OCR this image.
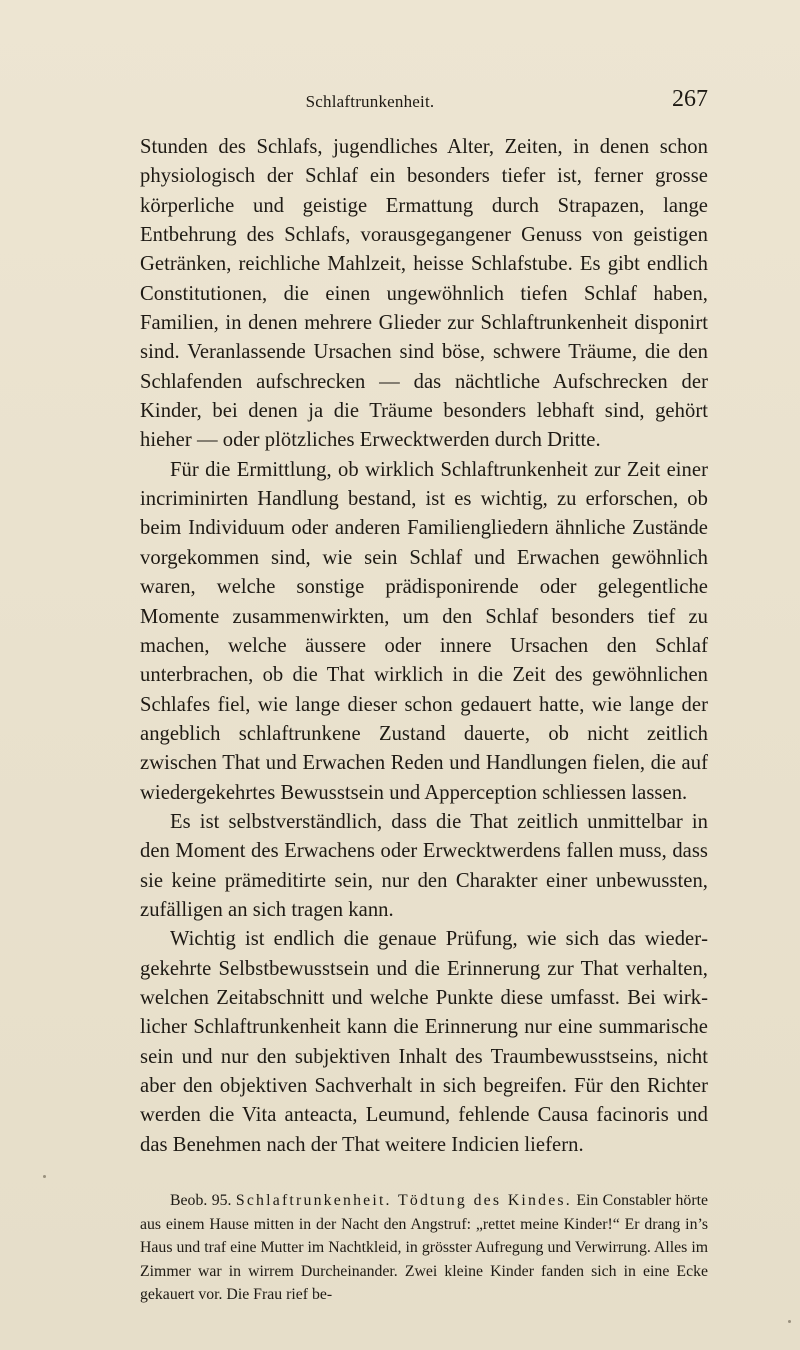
Schlaftrunkenheit.	267

Stunden des Schlafs, jugendliches Alter, Zeiten, in denen schon physiologisch der Schlaf ein besonders tiefer ist, ferner grosse körperliche und geistige Ermattung durch Strapazen, lange Entbehrung des Schlafs, vorausgegangener Genuss von geistigen Getränken, reichliche Mahlzeit, heisse Schlafstube. Es gibt endlich Constitutionen, die einen ungewöhnlich tiefen Schlaf haben, Familien, in denen mehrere Glieder zur Schlaftrunkenheit disponirt sind. Veranlassende Ursachen sind böse, schwere Träume, die den Schlafenden aufschrecken — das nächtliche Aufschrecken der Kinder, bei denen ja die Träume besonders lebhaft sind, gehört hieher — oder plötzliches Erwecktwerden durch Dritte.

Für die Ermittlung, ob wirklich Schlaftrunkenheit zur Zeit einer incriminirten Handlung bestand, ist es wichtig, zu erforschen, ob beim Individuum oder anderen Familiengliedern ähnliche Zustände vorgekommen sind, wie sein Schlaf und Erwachen gewöhnlich waren, welche sonstige prädisponirende oder gelegentliche Momente zusammenwirkten, um den Schlaf besonders tief zu machen, welche äussere oder innere Ursachen den Schlaf unterbrachen, ob die That wirklich in die Zeit des gewöhnlichen Schlafes fiel, wie lange dieser schon gedauert hatte, wie lange der angeblich schlaftrunkene Zustand dauerte, ob nicht zeitlich zwischen That und Erwachen Reden und Handlungen fielen, die auf wiedergekehrtes Bewusstsein und Apperception schliessen lassen.

Es ist selbstverständlich, dass die That zeitlich unmittelbar in den Moment des Erwachens oder Erwecktwerdens fallen muss, dass sie keine prämeditirte sein, nur den Charakter einer unbewussten, zufälligen an sich tragen kann.

Wichtig ist endlich die genaue Prüfung, wie sich das wiedergekehrte Selbstbewusstsein und die Erinnerung zur That verhalten, welchen Zeitabschnitt und welche Punkte diese umfasst. Bei wirklicher Schlaftrunkenheit kann die Erinnerung nur eine summarische sein und nur den subjektiven Inhalt des Traumbewusstseins, nicht aber den objektiven Sachverhalt in sich begreifen. Für den Richter werden die Vita anteacta, Leumund, fehlende Causa facinoris und das Benehmen nach der That weitere Indicien liefern.

Beob. 95. Schlaftrunkenheit. Tödtung des Kindes. Ein Constabler hörte aus einem Hause mitten in der Nacht den Angstruf: „rettet meine Kinder!“ Er drang in’s Haus und traf eine Mutter im Nachtkleid, in grösster Aufregung und Verwirrung. Alles im Zimmer war in wirrem Durcheinander. Zwei kleine Kinder fanden sich in eine Ecke gekauert vor. Die Frau rief be-
